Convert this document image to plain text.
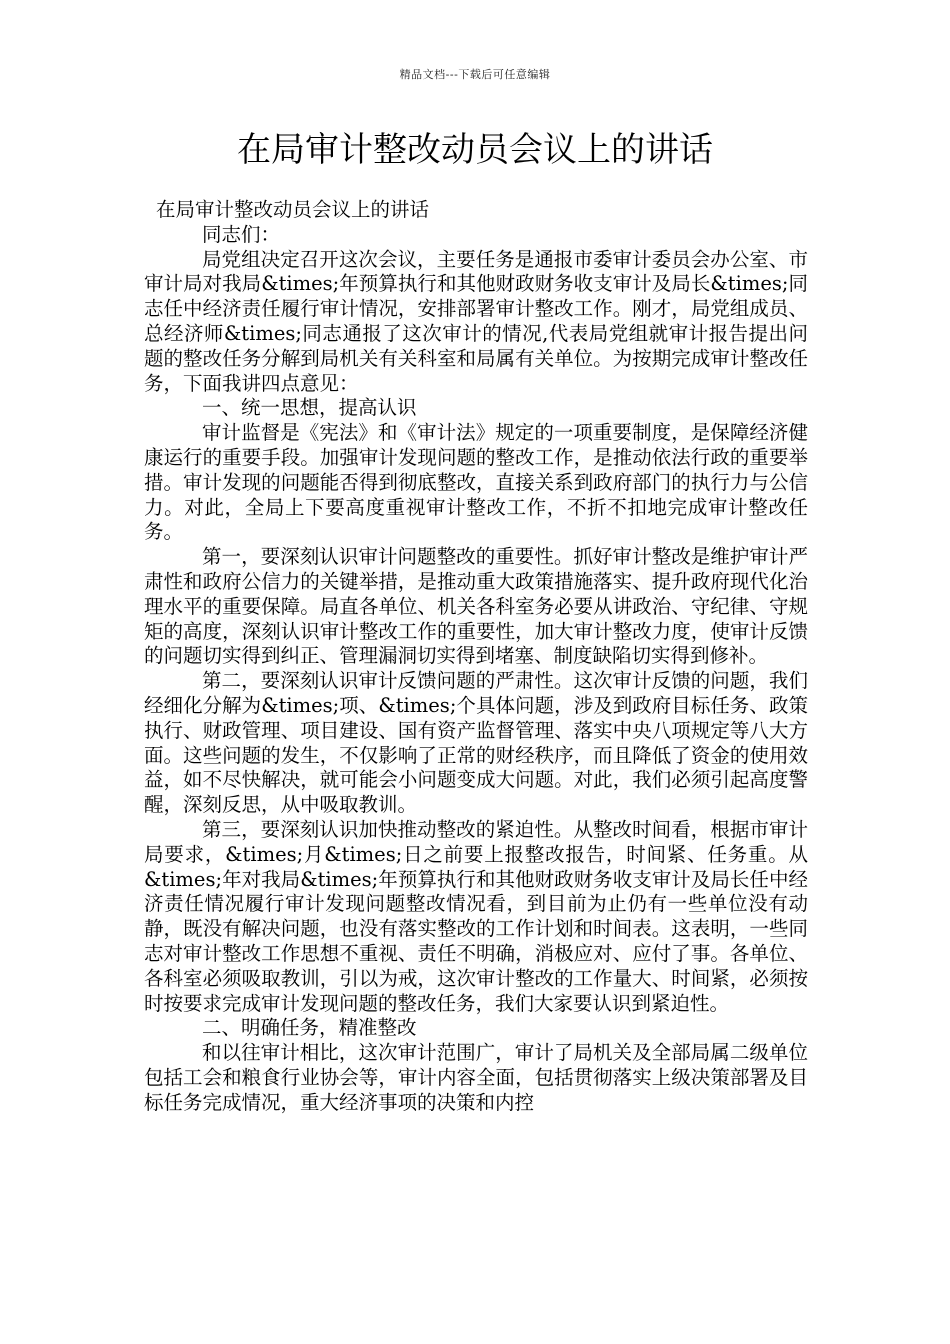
精品文档---下载后可任意编辑
在局审计整改动员会议上的讲话

在局审计整改动员会议上的讲话

同志们：

局党组决定召开这次会议，主要任务是通报市委审计委员会办公室、市审计局对我局&times;年预算执行和其他财政财务收支审计及局长&times;同志任中经济责任履行审计情况，安排部署审计整改工作。刚才，局党组成员、总经济师&times;同志通报了这次审计的情况,代表局党组就审计报告提出问题的整改任务分解到局机关有关科室和局属有关单位。为按期完成审计整改任务，下面我讲四点意见：

一、统一思想，提高认识

审计监督是《宪法》和《审计法》规定的一项重要制度，是保障经济健康运行的重要手段。加强审计发现问题的整改工作，是推动依法行政的重要举措。审计发现的问题能否得到彻底整改，直接关系到政府部门的执行力与公信力。对此，全局上下要高度重视审计整改工作，不折不扣地完成审计整改任务。

第一，要深刻认识审计问题整改的重要性。抓好审计整改是维护审计严肃性和政府公信力的关键举措，是推动重大政策措施落实、提升政府现代化治理水平的重要保障。局直各单位、机关各科室务必要从讲政治、守纪律、守规矩的高度，深刻认识审计整改工作的重要性，加大审计整改力度，使审计反馈的问题切实得到纠正、管理漏洞切实得到堵塞、制度缺陷切实得到修补。

第二，要深刻认识审计反馈问题的严肃性。这次审计反馈的问题，我们经细化分解为&times;项、&times;个具体问题，涉及到政府目标任务、政策执行、财政管理、项目建设、国有资产监督管理、落实中央八项规定等八大方面。这些问题的发生，不仅影响了正常的财经秩序，而且降低了资金的使用效益，如不尽快解决，就可能会小问题变成大问题。对此，我们必须引起高度警醒，深刻反思，从中吸取教训。

第三，要深刻认识加快推动整改的紧迫性。从整改时间看，根据市审计局要求，&times;月&times;日之前要上报整改报告，时间紧、任务重。从&times;年对我局&times;年预算执行和其他财政财务收支审计及局长任中经济责任情况履行审计发现问题整改情况看，到目前为止仍有一些单位没有动静，既没有解决问题，也没有落实整改的工作计划和时间表。这表明，一些同志对审计整改工作思想不重视、责任不明确，消极应对、应付了事。各单位、各科室必须吸取教训，引以为戒，这次审计整改的工作量大、时间紧，必须按时按要求完成审计发现问题的整改任务，我们大家要认识到紧迫性。

二、明确任务，精准整改

和以往审计相比，这次审计范围广，审计了局机关及全部局属二级单位包括工会和粮食行业协会等，审计内容全面，包括贯彻落实上级决策部署及目标任务完成情况，重大经济事项的决策和内控
